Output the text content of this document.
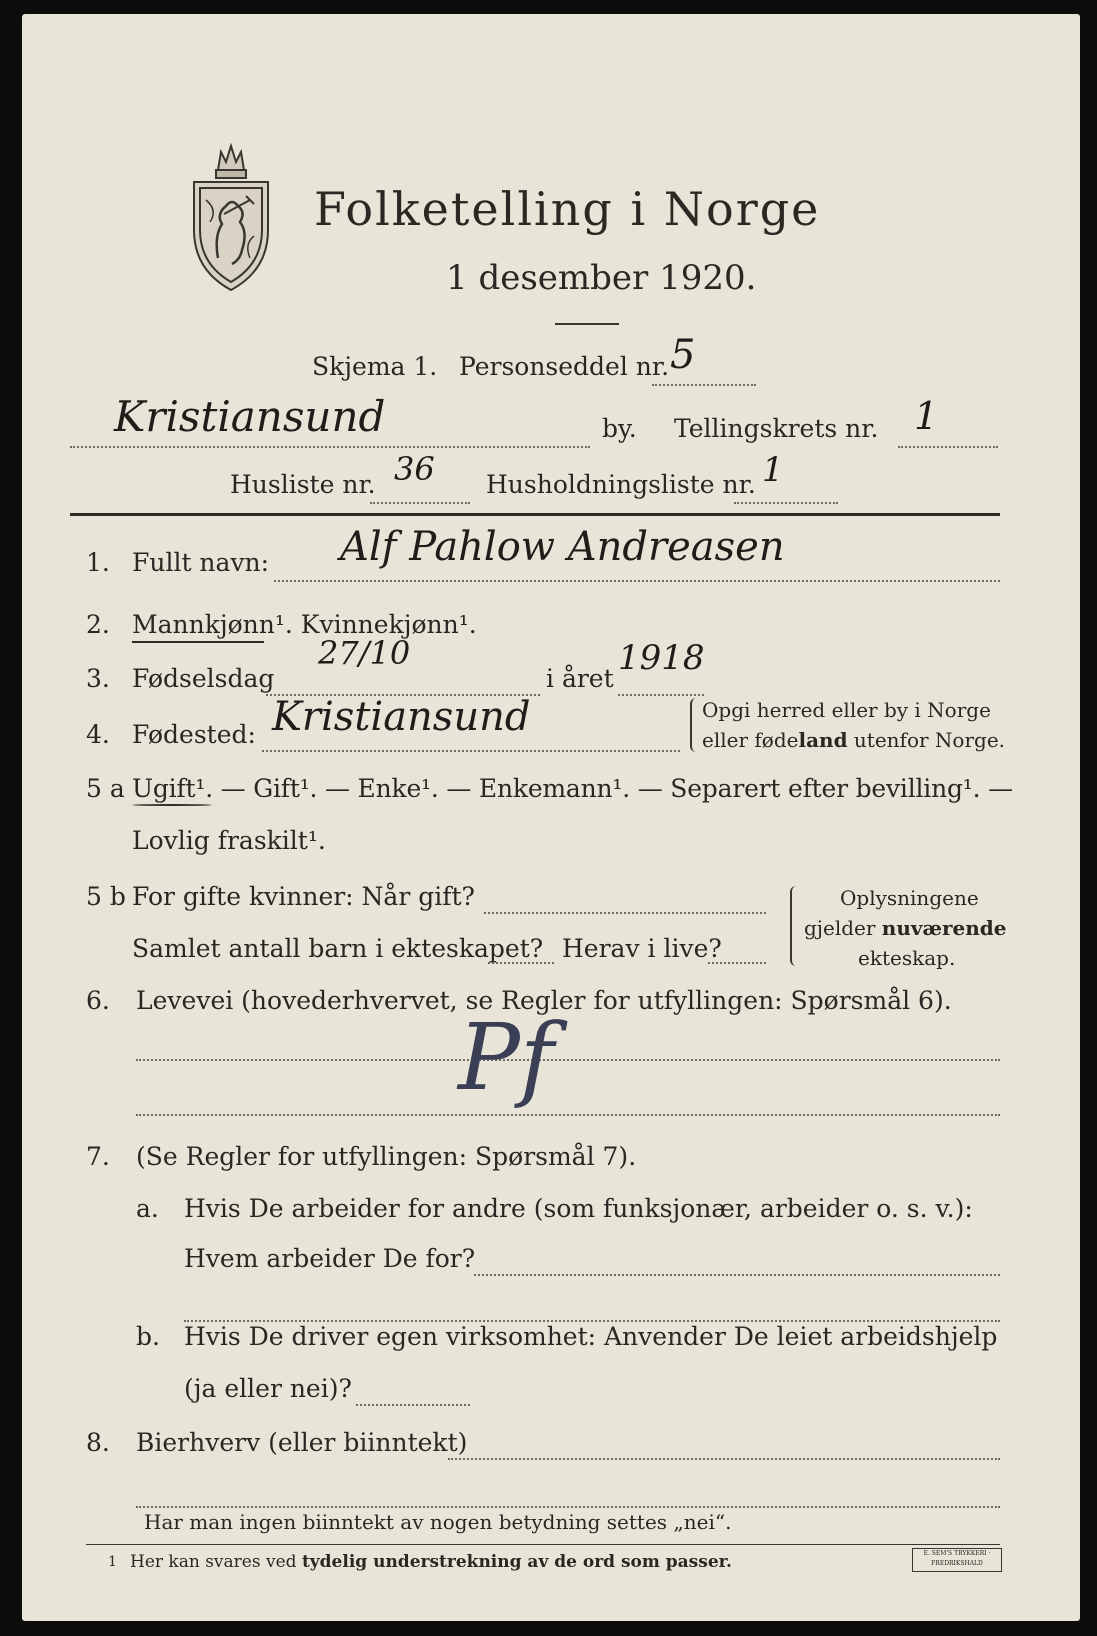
Folketelling i Norge
1 desember 1920.
Skjema 1. Personseddel nr. 5
Kristiansund	by. Tellingskrets nr. 1
Husliste nr. 36 Husholdningsliste nr. 1
1. Fullt navn: Alf Pahlow Andreasen
2. Mannkjønn¹. Kvinnekjønn¹.
3. Fødselsdag
27/10
i året
1918
4. Fødested: Kristiansund	Opgi herred eller by i Norge
eller fødeland utenfor Norge.
5 a Ugift¹. — Gift¹. — Enke¹. — Enkemann¹. — Separert efter bevilling¹. —
Lovlig fraskilt¹.
5 b For gifte kvinner: Når gift?
Samlet antall barn i ekteskapet? Herav i live?
Oplysningene
gjelder nuværende
ekteskap.
6. Levevei (hovederhvervet, se Regler for utfyllingen: Spørsmål 6).
Pf
7. (Se Regler for utfyllingen: Spørsmål 7).
a. Hvis De arbeider for andre (som funksjonær, arbeider o. s. v.):
Hvem arbeider De for?
b. Hvis De driver egen virksomhet: Anvender De leiet arbeidshjelp
(ja eller nei)?
8. Bierhverv (eller biinntekt)
Har man ingen biinntekt av nogen betydning settes „nei“.
1 Her kan svares ved tydelig understrekning av de ord som passer.	E. SEM'S TRYKKERI · FREDRIKSHALD
